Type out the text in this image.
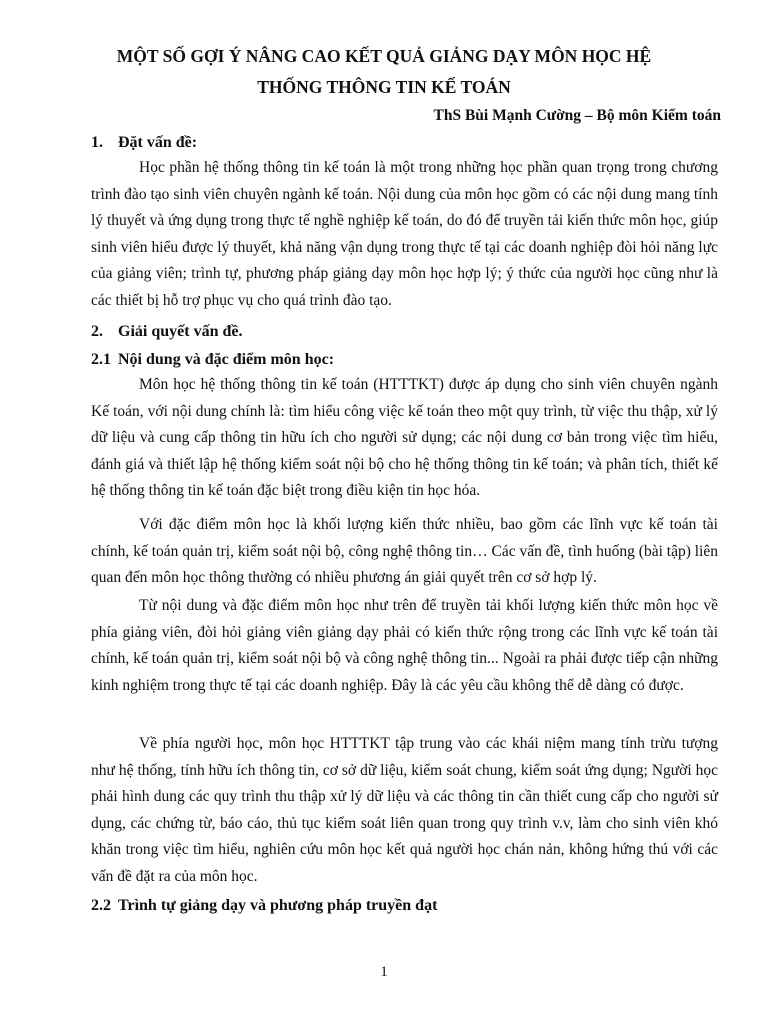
MỘT SỐ GỢI Ý NÂNG CAO KẾT QUẢ GIẢNG DẠY MÔN HỌC HỆ
THỐNG THÔNG TIN KẾ TOÁN
ThS Bùi Mạnh Cường – Bộ môn Kiểm toán
1. Đặt vấn đề:

Học phần hệ thống thông tin kế toán là một trong những học phần quan trọng trong chương trình đào tạo sinh viên chuyên ngành kế toán. Nội dung của môn học gồm có các nội dung mang tính lý thuyết và ứng dụng trong thực tế nghề nghiệp kế toán, do đó để truyền tải kiến thức môn học, giúp sinh viên hiểu được lý thuyết, khả năng vận dụng trong thực tế tại các doanh nghiệp đòi hỏi năng lực của giảng viên; trình tự, phương pháp giảng dạy môn học hợp lý; ý thức của người học cũng như là các thiết bị hỗ trợ phục vụ cho quá trình đào tạo.

2. Giải quyết vấn đề.
2.1 Nội dung và đặc điểm môn học:

Môn học hệ thống thông tin kế toán (HTTTKT) được áp dụng cho sinh viên chuyên ngành Kế toán, với nội dung chính là: tìm hiểu công việc kế toán theo một quy trình, từ việc thu thập, xử lý dữ liệu và cung cấp thông tin hữu ích cho người sử dụng; các nội dung cơ bản trong việc tìm hiểu, đánh giá và thiết lập hệ thống kiểm soát nội bộ cho hệ thống thông tin kế toán; và phân tích, thiết kế hệ thống thông tin kế toán đặc biệt trong điều kiện tin học hóa.

Với đặc điểm môn học là khối lượng kiến thức nhiều, bao gồm các lĩnh vực kế toán tài chính, kế toán quản trị, kiểm soát nội bộ, công nghệ thông tin… Các vấn đề, tình huống (bài tập) liên quan đến môn học thông thường có nhiều phương án giải quyết trên cơ sở hợp lý.

Từ nội dung và đặc điểm môn học như trên để truyền tải khối lượng kiến thức môn học về phía giảng viên, đòi hỏi giảng viên giảng dạy phải có kiến thức rộng trong các lĩnh vực kế toán tài chính, kế toán quản trị, kiểm soát nội bộ và công nghệ thông tin... Ngoài ra phải được tiếp cận những kinh nghiệm trong thực tế tại các doanh nghiệp. Đây là các yêu cầu không thể dễ dàng có được.

Về phía người học, môn học HTTTKT tập trung vào các khái niệm mang tính trừu tượng như hệ thống, tính hữu ích thông tin, cơ sở dữ liệu, kiểm soát chung, kiểm soát ứng dụng; Người học phải hình dung các quy trình thu thập xử lý dữ liệu và các thông tin cần thiết cung cấp cho người sử dụng, các chứng từ, báo cáo, thủ tục kiểm soát liên quan trong quy trình v.v, làm cho sinh viên khó khăn trong việc tìm hiểu, nghiên cứu môn học kết quả người học chán nản, không hứng thú với các vấn đề đặt ra của môn học.

2.2 Trình tự giảng dạy và phương pháp truyền đạt
1
